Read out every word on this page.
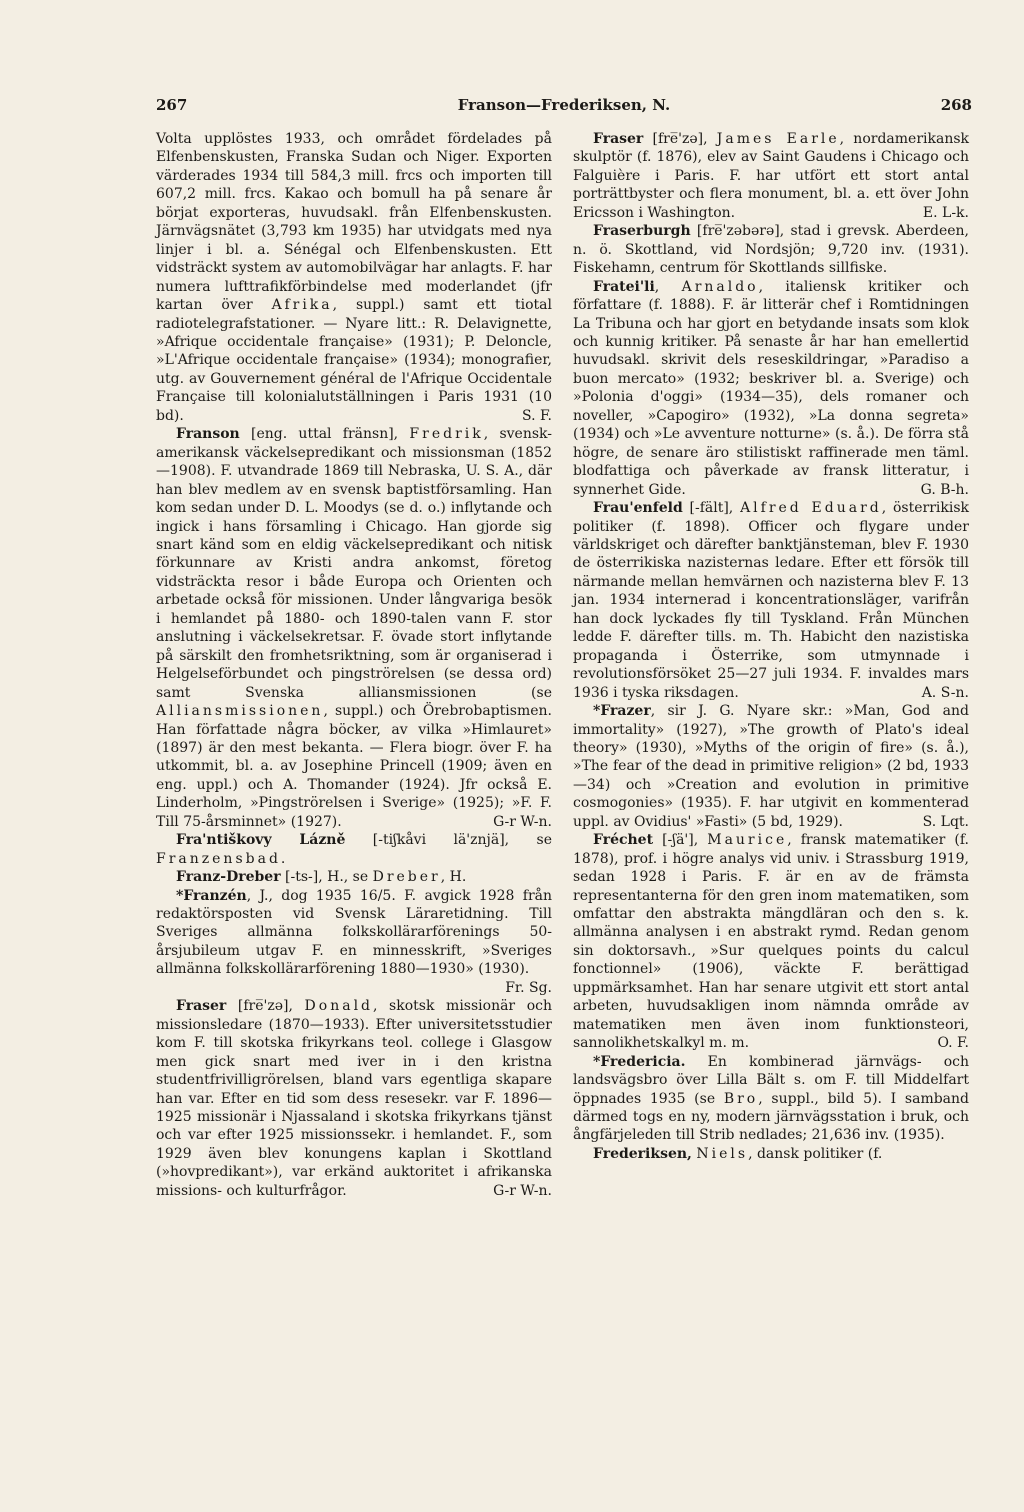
267	Franson—Frederiksen, N.	268

Volta upplöstes 1933, och området fördelades på Elfenbenskusten, Franska Sudan och Niger. Exporten värderades 1934 till 584,3 mill. frcs och importen till 607,2 mill. frcs. Kakao och bomull ha på senare år börjat exporteras, huvudsakl. från Elfenbenskusten. Järnvägsnätet (3,793 km 1935) har utvidgats med nya linjer i bl. a. Sénégal och Elfenbenskusten. Ett vidsträckt system av automobilvägar har anlagts. F. har numera lufttrafikförbindelse med moderlandet (jfr kartan över Afrika, suppl.) samt ett tiotal radiotelegrafstationer. — Nyare litt.: R. Delavignette, »Afrique occidentale française» (1931); P. Deloncle, »L'Afrique occidentale française» (1934); monografier, utg. av Gouvernement général de l'Afrique Occidentale Française till kolonialutställningen i Paris 1931 (10 bd).	S. F.

Franson [eng. uttal fränsn], Fredrik, svensk-amerikansk väckelsepredikant och missionsman (1852—1908). F. utvandrade 1869 till Nebraska, U. S. A., där han blev medlem av en svensk baptistförsamling. Han kom sedan under D. L. Moodys (se d. o.) inflytande och ingick i hans församling i Chicago. Han gjorde sig snart känd som en eldig väckelsepredikant och nitisk förkunnare av Kristi andra ankomst, företog vidsträckta resor i både Europa och Orienten och arbetade också för missionen. Under långvariga besök i hemlandet på 1880- och 1890-talen vann F. stor anslutning i väckelsekretsar. F. övade stort inflytande på särskilt den fromhetsriktning, som är organiserad i Helgelseförbundet och pingströrelsen (se dessa ord) samt Svenska alliansmissionen (se Alliansmissionen, suppl.) och Örebrobaptismen. Han författade några böcker, av vilka »Himlauret» (1897) är den mest bekanta. — Flera biogr. över F. ha utkommit, bl. a. av Josephine Princell (1909; även en eng. uppl.) och A. Thomander (1924). Jfr också E. Linderholm, »Pingströrelsen i Sverige» (1925); »F. F. Till 75-årsminnet» (1927).	G-r W-n.

Fra'ntiškovy Lázně [-tiʃkåvi lä'znjä], se Franzensbad.

Franz-Dreber [-ts-], H., se Dreber, H.

*Franzén, J., dog 1935 16/5. F. avgick 1928 från redaktörsposten vid Svensk Läraretidning. Till Sveriges allmänna folkskollärarförenings 50-årsjubileum utgav F. en minnesskrift, »Sveriges allmänna folkskollärarförening 1880—1930» (1930).
Fr. Sg.

Fraser [fre̅'zə], Donald, skotsk missionär och missionsledare (1870—1933). Efter universitetsstudier kom F. till skotska frikyrkans teol. college i Glasgow men gick snart med iver in i den kristna studentfrivilligrörelsen, bland vars egentliga skapare han var. Efter en tid som dess resesekr. var F. 1896—1925 missionär i Njassaland i skotska frikyrkans tjänst och var efter 1925 missionssekr. i hemlandet. F., som 1929 även blev konungens kaplan i Skottland (»hovpredikant»), var erkänd auktoritet i afrikanska missions- och kulturfrågor.	G-r W-n.

Fraser [fre̅'zə], James Earle, nordamerikansk skulptör (f. 1876), elev av Saint Gaudens i Chicago och Falguière i Paris. F. har utfört ett stort antal porträttbyster och flera monument, bl. a. ett över John Ericsson i Washington.	E. L-k.

Fraserburgh [fre̅'zəbərə], stad i grevsk. Aberdeen, n. ö. Skottland, vid Nordsjön; 9,720 inv. (1931). Fiskehamn, centrum för Skottlands sillfiske.

Fratei'li, Arnaldo, italiensk kritiker och författare (f. 1888). F. är litterär chef i Romtidningen La Tribuna och har gjort en betydande insats som klok och kunnig kritiker. På senaste år har han emellertid huvudsakl. skrivit dels reseskildringar, »Paradiso a buon mercato» (1932; beskriver bl. a. Sverige) och »Polonia d'oggi» (1934—35), dels romaner och noveller, »Capogiro» (1932), »La donna segreta» (1934) och »Le avventure notturne» (s. å.). De förra stå högre, de senare äro stilistiskt raffinerade men täml. blodfattiga och påverkade av fransk litteratur, i synnerhet Gide.	G. B-h.

Frau'enfeld [-fält], Alfred Eduard, österrikisk politiker (f. 1898). Officer och flygare under världskriget och därefter banktjänsteman, blev F. 1930 de österrikiska nazisternas ledare. Efter ett försök till närmande mellan hemvärnen och nazisterna blev F. 13 jan. 1934 internerad i koncentrationsläger, varifrån han dock lyckades fly till Tyskland. Från München ledde F. därefter tills. m. Th. Habicht den nazistiska propaganda i Österrike, som utmynnade i revolutionsförsöket 25—27 juli 1934. F. invaldes mars 1936 i tyska riksdagen.	A. S-n.

*Frazer, sir J. G. Nyare skr.: »Man, God and immortality» (1927), »The growth of Plato's ideal theory» (1930), »Myths of the origin of fire» (s. å.), »The fear of the dead in primitive religion» (2 bd, 1933—34) och »Creation and evolution in primitive cosmogonies» (1935). F. har utgivit en kommenterad uppl. av Ovidius' »Fasti» (5 bd, 1929).	S. Lqt.

Fréchet [-ʃä'], Maurice, fransk matematiker (f. 1878), prof. i högre analys vid univ. i Strassburg 1919, sedan 1928 i Paris. F. är en av de främsta representanterna för den gren inom matematiken, som omfattar den abstrakta mängdläran och den s. k. allmänna analysen i en abstrakt rymd. Redan genom sin doktorsavh., »Sur quelques points du calcul fonctionnel» (1906), väckte F. berättigad uppmärksamhet. Han har senare utgivit ett stort antal arbeten, huvudsakligen inom nämnda område av matematiken men även inom funktionsteori, sannolikhetskalkyl m. m.	O. F.

*Fredericia. En kombinerad järnvägs- och landsvägsbro över Lilla Bält s. om F. till Middelfart öppnades 1935 (se Bro, suppl., bild 5). I samband därmed togs en ny, modern järnvägsstation i bruk, och ångfärjeleden till Strib nedlades; 21,636 inv. (1935).

Frederiksen, Niels, dansk politiker (f.
